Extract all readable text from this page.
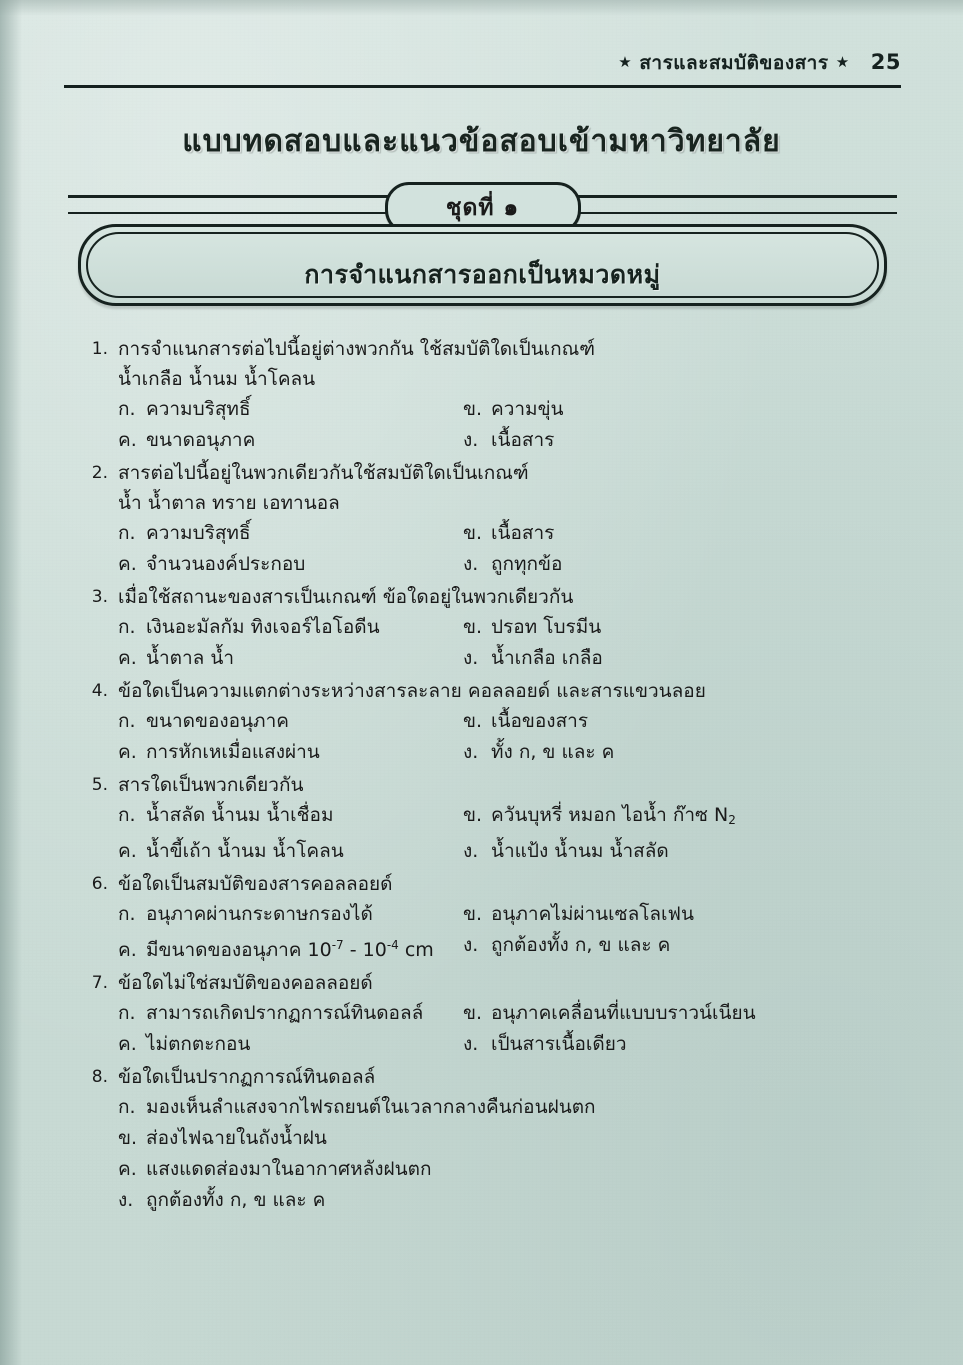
★ สารและสมบัติของสาร ★ 25
แบบทดสอบและแนวข้อสอบเข้ามหาวิทยาลัย
ชุดที่ ๑
การจำแนกสารออกเป็นหมวดหมู่
1. การจำแนกสารต่อไปนี้อยู่ต่างพวกกัน ใช้สมบัติใดเป็นเกณฑ์
น้ำเกลือ น้ำนม น้ำโคลน
ก. ความบริสุทธิ์	ข. ความขุ่น
ค. ขนาดอนุภาค	ง. เนื้อสาร
2. สารต่อไปนี้อยู่ในพวกเดียวกันใช้สมบัติใดเป็นเกณฑ์
น้ำ น้ำตาล ทราย เอทานอล
ก. ความบริสุทธิ์	ข. เนื้อสาร
ค. จำนวนองค์ประกอบ	ง. ถูกทุกข้อ
3. เมื่อใช้สถานะของสารเป็นเกณฑ์ ข้อใดอยู่ในพวกเดียวกัน
ก. เงินอะมัลกัม ทิงเจอร์ไอโอดีน	ข. ปรอท โบรมีน
ค. น้ำตาล น้ำ	ง. น้ำเกลือ เกลือ
4. ข้อใดเป็นความแตกต่างระหว่างสารละลาย คอลลอยด์ และสารแขวนลอย
ก. ขนาดของอนุภาค	ข. เนื้อของสาร
ค. การหักเหเมื่อแสงผ่าน	ง. ทั้ง ก, ข และ ค
5. สารใดเป็นพวกเดียวกัน
ก. น้ำสลัด น้ำนม น้ำเชื่อม	ข. ควันบุหรี่ หมอก ไอน้ำ ก๊าซ $N_2$
ค. น้ำขี้เถ้า น้ำนม น้ำโคลน	ง. น้ำแป้ง น้ำนม น้ำสลัด
6. ข้อใดเป็นสมบัติของสารคอลลอยด์
ก. อนุภาคผ่านกระดาษกรองได้	ข. อนุภาคไม่ผ่านเซลโลเฟน
ค. มีขนาดของอนุภาค $10^{-7} - 10^{-4}$ cm ง. ถูกต้องทั้ง ก, ข และ ค
7. ข้อใดไม่ใช่สมบัติของคอลลอยด์
ก. สามารถเกิดปรากฏการณ์ทินดอลล์ ข. อนุภาคเคลื่อนที่แบบบราวน์เนียน
ค. ไม่ตกตะกอน	ง. เป็นสารเนื้อเดียว
8. ข้อใดเป็นปรากฏการณ์ทินดอลล์
ก. มองเห็นลำแสงจากไฟรถยนต์ในเวลากลางคืนก่อนฝนตก
ข. ส่องไฟฉายในถังน้ำฝน
ค. แสงแดดส่องมาในอากาศหลังฝนตก
ง. ถูกต้องทั้ง ก, ข และ ค
